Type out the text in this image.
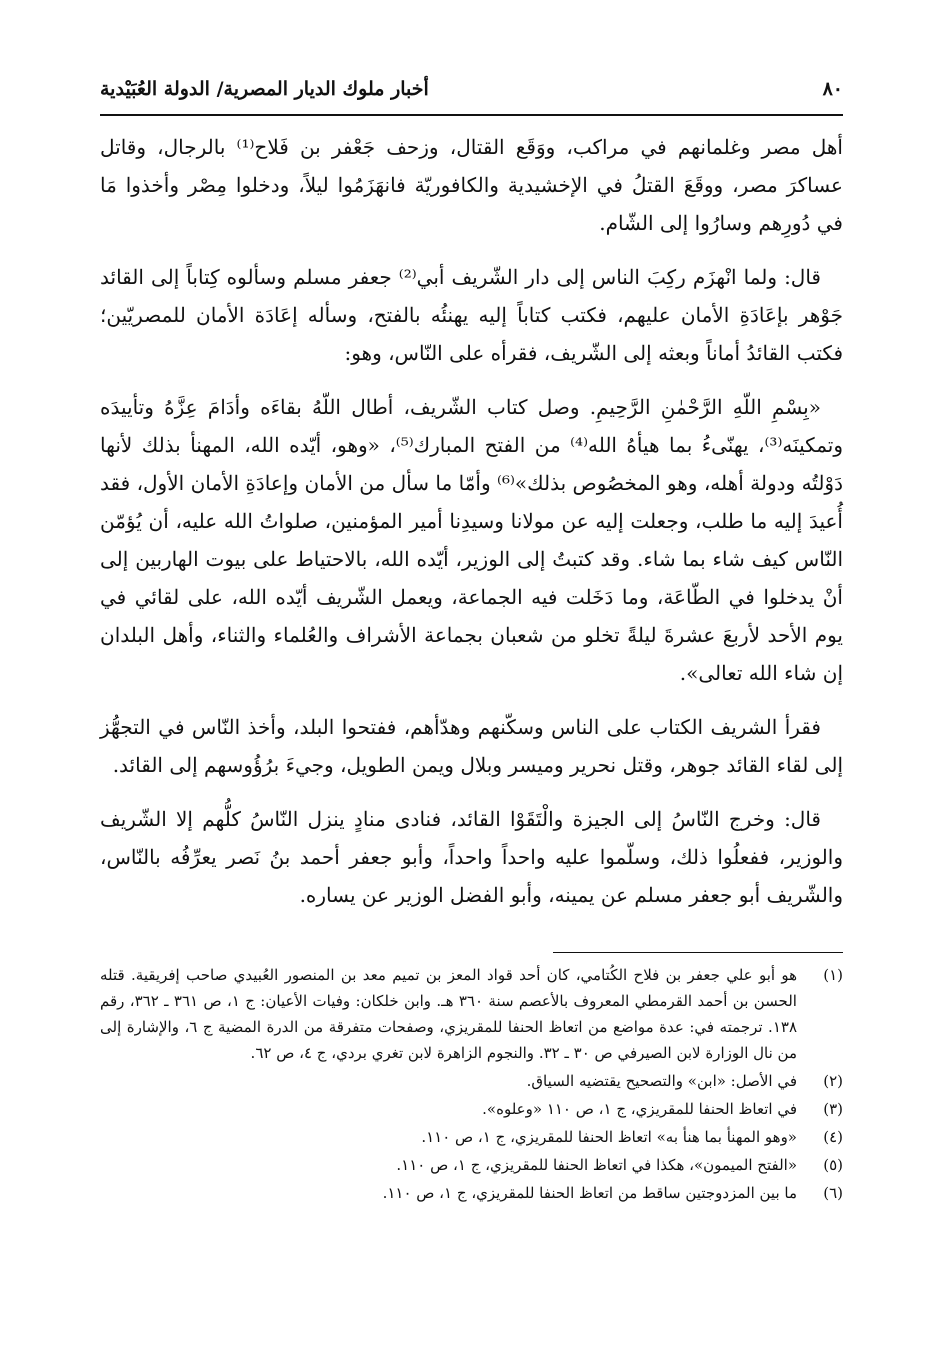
٨٠
أخبار ملوك الديار المصرية/ الدولة العُبَيْدية

أهل مصر وغلمانهم في مراكب، ووَقَع القتال، وزحف جَعْفر بن فَلاح⁽¹⁾ بالرجال، وقاتل عساكرَ مصر، ووقَعَ القتلُ في الإخشيدية والكافوريّة فانهَزَمُوا ليلاً، ودخلوا مِصْر وأخذوا مَا في دُورِهم وسارُوا إلى الشّام.

قال: ولما انْهزَم ركِبَ الناس إلى دار الشّريف أبي⁽²⁾ جعفر مسلم وسألوه كِتاباً إلى القائد جَوْهر بإعَادَةِ الأمان عليهم، فكتب كتاباً إليه يهنئُه بالفتح، وسأله إعَادَة الأمان للمصريّين؛ فكتب القائدُ أماناً وبعثه إلى الشّريف، فقرأه على النّاس، وهو:

«بِسْمِ اللّهِ الرَّحْمٰنِ الرَّحِيمِ. وصل كتاب الشّريف، أطال اللّهُ بقاءَه وأدَامَ عِزَّهُ وتأييدَه وتمكينَه⁽³⁾، يهنّىءُ بما هيأهُ الله⁽⁴⁾ من الفتح المبارك⁽⁵⁾، «وهو، أيّده الله، المهنأ بذلك لأنها دَوْلتُه ودولة أهله، وهو المخصُوص بذلك»⁽⁶⁾ وأمّا ما سأل من الأمان وإعادَةِ الأمان الأول، فقد أُعيدَ إليه ما طلب، وجعلت إليه عن مولانا وسيدِنا أمير المؤمنين، صلواتُ الله عليه، أن يُؤمّن النّاس كيف شاء بما شاء. وقد كتبتُ إلى الوزير، أيّده الله، بالاحتياط على بيوت الهاربين إلى أنْ يدخلوا في الطّاعَة، وما دَخَلت فيه الجماعة، ويعمل الشّريف أيّده الله، على لقائي في يوم الأحد لأربعَ عشرةَ ليلةً تخلو من شعبان بجماعة الأشراف والعُلماء والثناء، وأهل البلدان إن شاء الله تعالى».

فقرأ الشريف الكتاب على الناس وسكّنهم وهدّأهم، ففتحوا البلد، وأخذ النّاس في التجهُّز إلى لقاء القائد جوهر، وقتل نحرير وميسر وبلال ويمن الطويل، وجيءَ برُؤُوسهم إلى القائد.

قال: وخرج النّاسُ إلى الجيزة والْتَقَوْا القائد، فنادى منادٍ ينزل النّاسُ كلُّهم إلا الشّريف والوزير، ففعلُوا ذلك، وسلّموا عليه واحداً واحداً، وأبو جعفر أحمد بنُ نَصر يعرِّفُه بالنّاس، والشّريف أبو جعفر مسلم عن يمينه، وأبو الفضل الوزير عن يساره.

(١)
هو أبو علي جعفر بن فلاح الكُتامي، كان أحد قواد المعز بن تميم معد بن المنصور العُبيدي صاحب إفريقية. قتله الحسن بن أحمد القرمطي المعروف بالأعصم سنة ٣٦٠ هـ. وابن خلكان: وفيات الأعيان: ج ١، ص ٣٦١ ـ ٣٦٢، رقم ١٣٨. ترجمته في: عدة مواضع من اتعاظ الحنفا للمقريزي، وصفحات متفرقة من الدرة المضية ج ٦، والإشارة إلى من نال الوزارة لابن الصيرفي ص ٣٠ ـ ٣٢. والنجوم الزاهرة لابن تغري بردي، ج ٤، ص ٦٢.
(٢)
في الأصل: «ابن» والتصحيح يقتضيه السياق.
(٣)
في اتعاظ الحنفا للمقريزي، ج ١، ص ١١٠ «وعلوه».
(٤)
«وهو المهنأ بما هنأ به» اتعاظ الحنفا للمقريزي، ج ١، ص ١١٠.
(٥)
«الفتح الميمون»، هكذا في اتعاظ الحنفا للمقريزي، ج ١، ص ١١٠.
(٦)
ما بين المزدوجتين ساقط من اتعاظ الحنفا للمقريزي، ج ١، ص ١١٠.
